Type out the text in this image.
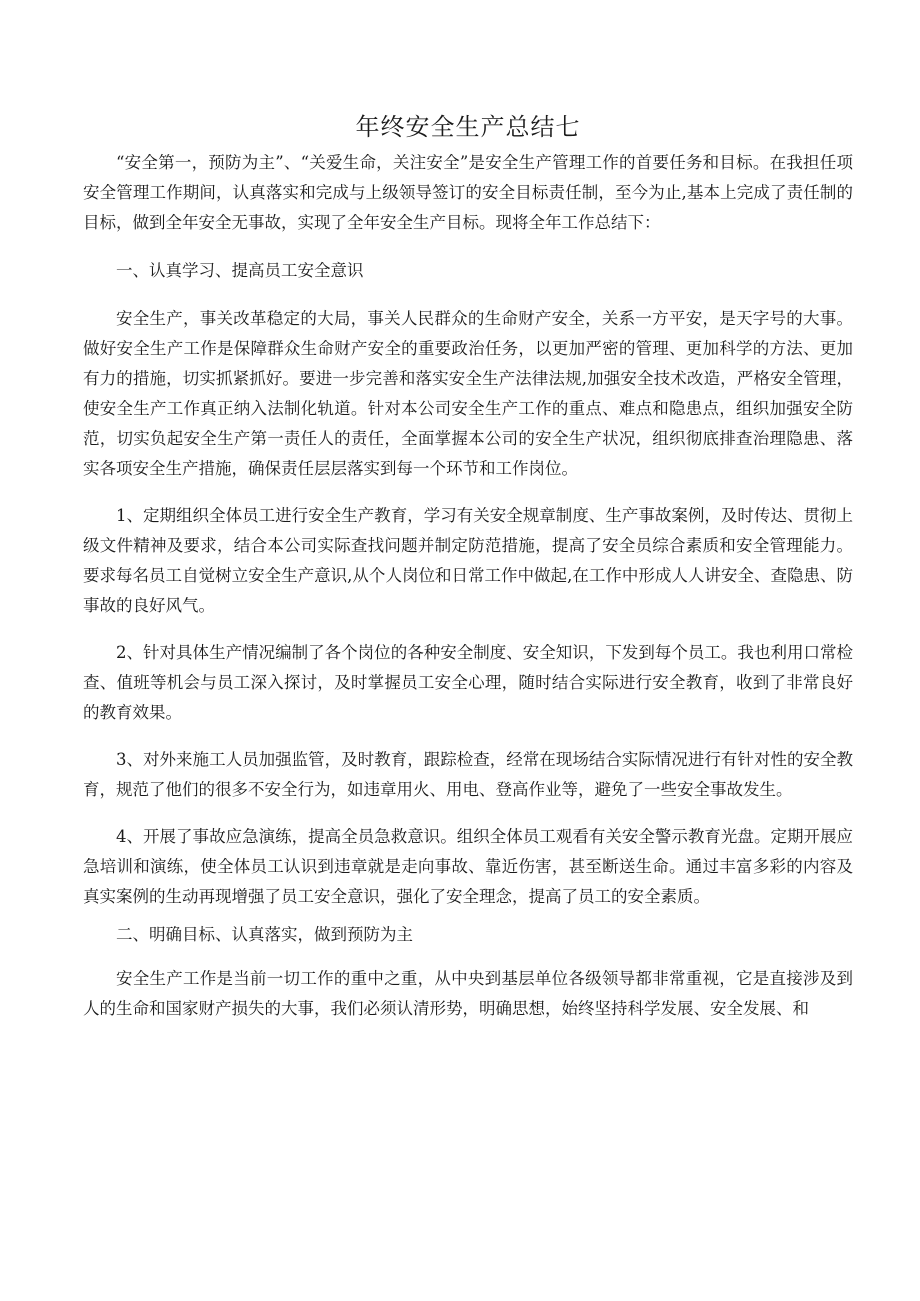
年终安全生产总结七

“安全第一，预防为主”、“关爱生命，关注安全”是安全生产管理工作的首要任务和目标。在我担任项安全管理工作期间，认真落实和完成与上级领导签订的安全目标责任制，至今为止,基本上完成了责任制的目标，做到全年安全无事故，实现了全年安全生产目标。现将全年工作总结下：

一、认真学习、提高员工安全意识

安全生产，事关改革稳定的大局，事关人民群众的生命财产安全，关系一方平安，是天字号的大事。做好安全生产工作是保障群众生命财产安全的重要政治任务，以更加严密的管理、更加科学的方法、更加有力的措施，切实抓紧抓好。要进一步完善和落实安全生产法律法规,加强安全技术改造，严格安全管理，使安全生产工作真正纳入法制化轨道。针对本公司安全生产工作的重点、难点和隐患点，组织加强安全防范，切实负起安全生产第一责任人的责任，全面掌握本公司的安全生产状况，组织彻底排查治理隐患、落实各项安全生产措施，确保责任层层落实到每一个环节和工作岗位。

1、定期组织全体员工进行安全生产教育，学习有关安全规章制度、生产事故案例，及时传达、贯彻上级文件精神及要求，结合本公司实际查找问题并制定防范措施，提高了安全员综合素质和安全管理能力。要求每名员工自觉树立安全生产意识,从个人岗位和日常工作中做起,在工作中形成人人讲安全、查隐患、防事故的良好风气。

2、针对具体生产情况编制了各个岗位的各种安全制度、安全知识，下发到每个员工。我也利用口常检查、值班等机会与员工深入探讨，及时掌握员工安全心理，随时结合实际进行安全教育，收到了非常良好的教育效果。

3、对外来施工人员加强监管，及时教育，跟踪检查，经常在现场结合实际情况进行有针对性的安全教育，规范了他们的很多不安全行为，如违章用火、用电、登高作业等，避免了一些安全事故发生。

4、开展了事故应急演练，提高全员急救意识。组织全体员工观看有关安全警示教育光盘。定期开展应急培训和演练，使全体员工认识到违章就是走向事故、靠近伤害，甚至断送生命。通过丰富多彩的内容及真实案例的生动再现增强了员工安全意识，强化了安全理念，提高了员工的安全素质。

二、明确目标、认真落实，做到预防为主

安全生产工作是当前一切工作的重中之重，从中央到基层单位各级领导都非常重视，它是直接涉及到人的生命和国家财产损失的大事，我们必须认清形势，明确思想，始终坚持科学发展、安全发展、和
